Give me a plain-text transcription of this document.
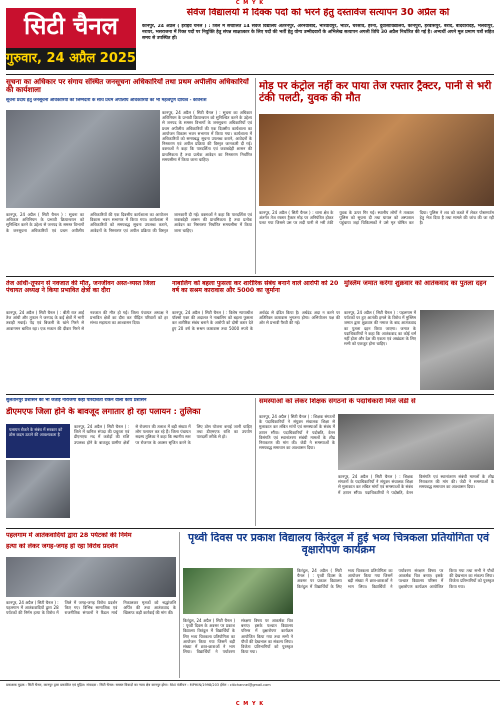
C M Y K
सिटी चैनल
गुरुवार, 24 अप्रैल 2025
सेवेज विद्यालयों में दिक्क पदों को भरने हेतु दस्तावेज सत्यापन 30 अप्रैल को
कानपुर, 24 अप्रैल ( इराईवे चैनल ) : जिले में संचालित 14 सेवेज विद्यालय अतरनपुर, अरनवाबाद, भारवावपुर, भीटर, चरसाव, हरना, दुर्वासाविद्यालय, कानपुरी, हरवासपुर, बरादे, बांदवारीदह, भलवापुर, नरायर, भसराजना में रिक्त पदों पर नियुक्ति हेतु संपन्न साक्षात्कार के लिए पदों की भर्ती हेतु योग्य उम्मीदवारों के अभिलेख सत्यापन अगली तिथि 30 अप्रैल निर्धारित की गई है। अभ्यर्थी अपने मूल प्रमाण पत्रों सहित समय से उपस्थित हों।
सूचना का अधिकार पर संगाय संस्थित जनसूचना अधिकारियों तथा प्रथम अपीलीय अधिकारियों की कार्यशाला
सूचना प्रदाय हेतु जनसूचना अधिकारियों को जिम्मेदारी के साथ प्रथम अपीलीय अधिकारियों का भी महत्वपूर्ण दायित्व - केविनाश
कानपुर, 24 अप्रैल ( सिटी चैनल ) : सूचना का अधिकार अधिनियम के प्रभावी क्रियान्वयन को सुनिश्चित करने के उद्देश्य से जनपद के समस्त विभागों के जनसूचना अधिकारियों एवं प्रथम अपीलीय अधिकारियों की एक दिवसीय कार्यशाला का आयोजन विकास भवन सभागार में किया गया। कार्यशाला में अधिकारियों को समयबद्ध सूचना उपलब्ध कराने, आवेदनों के निस्तारण एवं अपील प्रक्रिया की विस्तृत जानकारी दी गई। वक्ताओं ने कहा कि पारदर्शिता एवं जवाबदेही शासन की प्राथमिकता है तथा प्रत्येक आवेदन का निस्तारण निर्धारित समयसीमा में किया जाना चाहिए।
कानपुर, 24 अप्रैल ( सिटी चैनल ) : सूचना का अधिकार अधिनियम के प्रभावी क्रियान्वयन को सुनिश्चित करने के उद्देश्य से जनपद के समस्त विभागों के जनसूचना अधिकारियों एवं प्रथम अपीलीय अधिकारियों की एक दिवसीय कार्यशाला का आयोजन विकास भवन सभागार में किया गया। कार्यशाला में अधिकारियों को समयबद्ध सूचना उपलब्ध कराने, आवेदनों के निस्तारण एवं अपील प्रक्रिया की विस्तृत जानकारी दी गई। वक्ताओं ने कहा कि पारदर्शिता एवं जवाबदेही शासन की प्राथमिकता है तथा प्रत्येक आवेदन का निस्तारण निर्धारित समयसीमा में किया जाना चाहिए।
मोड़ पर कंट्रोल नहीं कर पाया तेज रफ्तार ट्रैक्टर, पानी से भरी टंकी पलटी, युवक की मौत
कानपुर, 24 अप्रैल ( सिटी चैनल ) : थाना क्षेत्र के अंतर्गत तेज रफ्तार ट्रैक्टर मोड़ पर अनियंत्रित होकर पलट गया जिससे उस पर लदी पानी से भरी टंकी युवक के ऊपर गिर गई। स्थानीय लोगों ने तत्काल पुलिस को सूचना दी तथा घायल को अस्पताल पहुंचाया जहां चिकित्सकों ने उसे मृत घोषित कर दिया। पुलिस ने शव को कब्जे में लेकर पोस्टमार्टम हेतु भेज दिया है तथा मामले की जांच की जा रही है।
तेज आंधी-तूफान से नवजात की मौत, जनजीवन अस्त-व्यस्त जिला पंचायत अध्यक्ष ने किया प्रभावित क्षेत्रों का दौरा
कानपुर, 24 अप्रैल ( सिटी चैनल ) : बीती रात आई तेज आंधी और तूफान ने जनपद के कई क्षेत्रों में भारी तबाही मचाई। पेड़ एवं बिजली के खंभे गिरने से आवागमन बाधित रहा। एक मकान की दीवार गिरने से नवजात की मौत हो गई। जिला पंचायत अध्यक्ष ने प्रभावित क्षेत्रों का दौरा कर पीड़ित परिवारों को हर संभव सहायता का आश्वासन दिया।
नाबालिग को बहला फुसला कर शारीरिक संबंध बनाने वाले आरोपी को 20 वर्ष का सश्रम कारावास और 5000 का जुर्माना
कानपुर, 24 अप्रैल ( सिटी चैनल ) : विशेष न्यायाधीश पॉक्सो एक्ट की अदालत ने नाबालिग को बहला फुसला कर शारीरिक संबंध बनाने के आरोपी को दोषी करार देते हुए 20 वर्ष के सश्रम कारावास तथा 5000 रुपये के अर्थदंड से दंडित किया है। अर्थदंड अदा न करने पर अतिरिक्त कारावास भुगतना होगा। अभियोजन पक्ष की ओर से प्रभावी पैरवी की गई।
मुस्लिम जमात करेगा शुक्रवार को आतंकवाद का पुतला दहन
कानपुर, 24 अप्रैल ( सिटी चैनल ) : पहलगाम में पर्यटकों पर हुए आतंकी हमले के विरोध में मुस्लिम जमात द्वारा शुक्रवार की नमाज के बाद आतंकवाद का पुतला दहन किया जाएगा। जमात के पदाधिकारियों ने कहा कि आतंकवाद का कोई धर्म नहीं होता और देश की एकता एवं अखंडता के लिए सभी को एकजुट होना चाहिए।
सुलतानपुर प्रशासन की भी जताई नाराजगी कहा पारदर्शिता रोकने वाला कार्य प्रशासन
डीएमएफ जिला होने के बावजूद लगातार हो रहा पलायन : तुलिका
पलायन रोकने के संबंध में सरकार को ठोस कदम उठाने की आवश्यकता है
कानपुर, 24 अप्रैल ( सिटी चैनल ) : जिले में खनिज संपदा की प्रचुरता एवं डीएमएफ मद में करोड़ों की राशि उपलब्ध होने के बावजूद ग्रामीण क्षेत्रों से रोजगार की तलाश में बड़ी संख्या में लोग पलायन कर रहे हैं। जिला पंचायत सदस्य तुलिका ने कहा कि स्थानीय स्तर पर रोजगार के अवसर सृजित करने के लिए ठोस योजना बनाई जानी चाहिए तथा डीएमएफ राशि का उपयोग पारदर्शी तरीके से हो।
समस्याओं को लेकर शिक्षक संगठनों के पदाधिकारी मिले जेडी से
कानपुर, 24 अप्रैल ( सिटी चैनल ) : शिक्षक संगठनों के पदाधिकारियों ने संयुक्त संचालक शिक्षा से मुलाकात कर लंबित मांगों एवं समस्याओं के संबंध में ज्ञापन सौंपा। पदाधिकारियों ने पदोन्नति, वेतन विसंगति एवं स्थानांतरण संबंधी मामलों के शीघ्र निराकरण की मांग की। जेडी ने समस्याओं के समयबद्ध समाधान का आश्वासन दिया।
कानपुर, 24 अप्रैल ( सिटी चैनल ) : शिक्षक संगठनों के पदाधिकारियों ने संयुक्त संचालक शिक्षा से मुलाकात कर लंबित मांगों एवं समस्याओं के संबंध में ज्ञापन सौंपा। पदाधिकारियों ने पदोन्नति, वेतन विसंगति एवं स्थानांतरण संबंधी मामलों के शीघ्र निराकरण की मांग की। जेडी ने समस्याओं के समयबद्ध समाधान का आश्वासन दिया।
पहलगाम में आतंकवादियों द्वारा 28 पर्यटकों की निर्मम
हत्या को लेकर जगह-जगह हो रहा विरोध प्रदर्शन
कानपुर, 24 अप्रैल ( सिटी चैनल ) : पहलगाम में आतंकवादियों द्वारा 28 पर्यटकों की निर्मम हत्या के विरोध में जिले में जगह-जगह विरोध प्रदर्शन किए गए। विभिन्न सामाजिक एवं राजनीतिक संगठनों ने कैंडल मार्च निकालकर मृतकों को श्रद्धांजलि अर्पित की तथा आतंकवाद के खिलाफ कड़ी कार्रवाई की मांग की।
पृथ्वी दिवस पर प्रकाश विद्यालय किरंदुल में हुई भव्य चित्रकला प्रतियोगिता एवं वृक्षारोपण कार्यक्रम
किरंदुल, 24 अप्रैल ( सिटी चैनल ) : पृथ्वी दिवस के अवसर पर प्रकाश विद्यालय किरंदुल में विद्यार्थियों के लिए भव्य चित्रकला प्रतियोगिता का आयोजन किया गया जिसमें बड़ी संख्या में छात्र-छात्राओं ने भाग लिया। विद्यार्थियों ने पर्यावरण संरक्षण विषय पर आकर्षक चित्र बनाए। इसके पश्चात विद्यालय परिसर में वृक्षारोपण कार्यक्रम आयोजित किया गया तथा सभी ने पौधों की देखभाल का संकल्प लिया। विजेता प्रतिभागियों को पुरस्कृत किया गया।
किरंदुल, 24 अप्रैल ( सिटी चैनल ) : पृथ्वी दिवस के अवसर पर प्रकाश विद्यालय किरंदुल में विद्यार्थियों के लिए भव्य चित्रकला प्रतियोगिता का आयोजन किया गया जिसमें बड़ी संख्या में छात्र-छात्राओं ने भाग लिया। विद्यार्थियों ने पर्यावरण संरक्षण विषय पर आकर्षक चित्र बनाए। इसके पश्चात विद्यालय परिसर में वृक्षारोपण कार्यक्रम आयोजित किया गया तथा सभी ने पौधों की देखभाल का संकल्प लिया। विजेता प्रतिभागियों को पुरस्कृत किया गया।
प्रकाशक मुद्रक : सिटी चैनल, कानपुर द्वारा प्रकाशित एवं मुद्रित। संपादक : सिटी चैनल। समस्त विवादों का न्याय क्षेत्र कानपुर होगा। RNI पंजीयन : MPHIN/1998/203 ईमेल : citichannel@gmail.com
C M Y K
